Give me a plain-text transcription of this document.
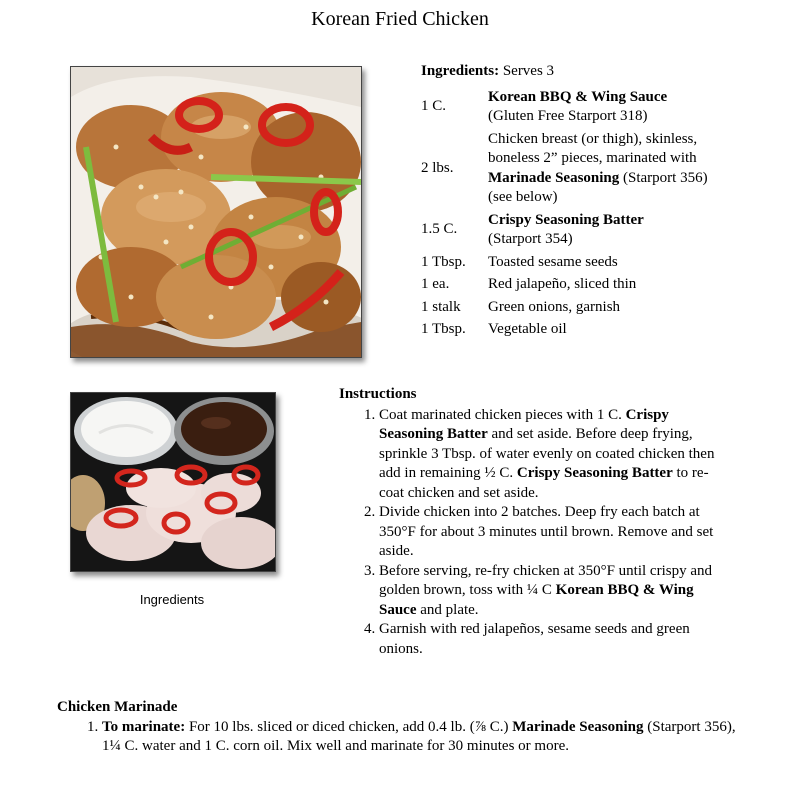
Korean Fried Chicken
Ingredients
Ingredients: Serves 3
1 C.	Korean BBQ & Wing Sauce
(Gluten Free Starport 318)
2 lbs.	Chicken breast (or thigh), skinless, boneless 2” pieces, marinated with Marinade Seasoning (Starport 356) (see below)
1.5 C.	Crispy Seasoning Batter
(Starport 354)
1 Tbsp.	Toasted sesame seeds
1 ea.	Red jalapeño, sliced thin
1 stalk	Green onions, garnish
1 Tbsp.	Vegetable oil
Instructions
1. Coat marinated chicken pieces with 1 C. Crispy Seasoning Batter and set aside. Before deep frying, sprinkle 3 Tbsp. of water evenly on coated chicken then add in remaining ½ C. Crispy Seasoning Batter to re-coat chicken and set aside.
2. Divide chicken into 2 batches. Deep fry each batch at 350°F for about 3 minutes until brown. Remove and set aside.
3. Before serving, re-fry chicken at 350°F until crispy and golden brown, toss with ¼ C Korean BBQ & Wing Sauce and plate.
4. Garnish with red jalapeños, sesame seeds and green onions.
Chicken Marinade
1. To marinate: For 10 lbs. sliced or diced chicken, add 0.4 lb. (⅞ C.) Marinade Seasoning (Starport 356), 1¼ C. water and 1 C. corn oil. Mix well and marinate for 30 minutes or more.
